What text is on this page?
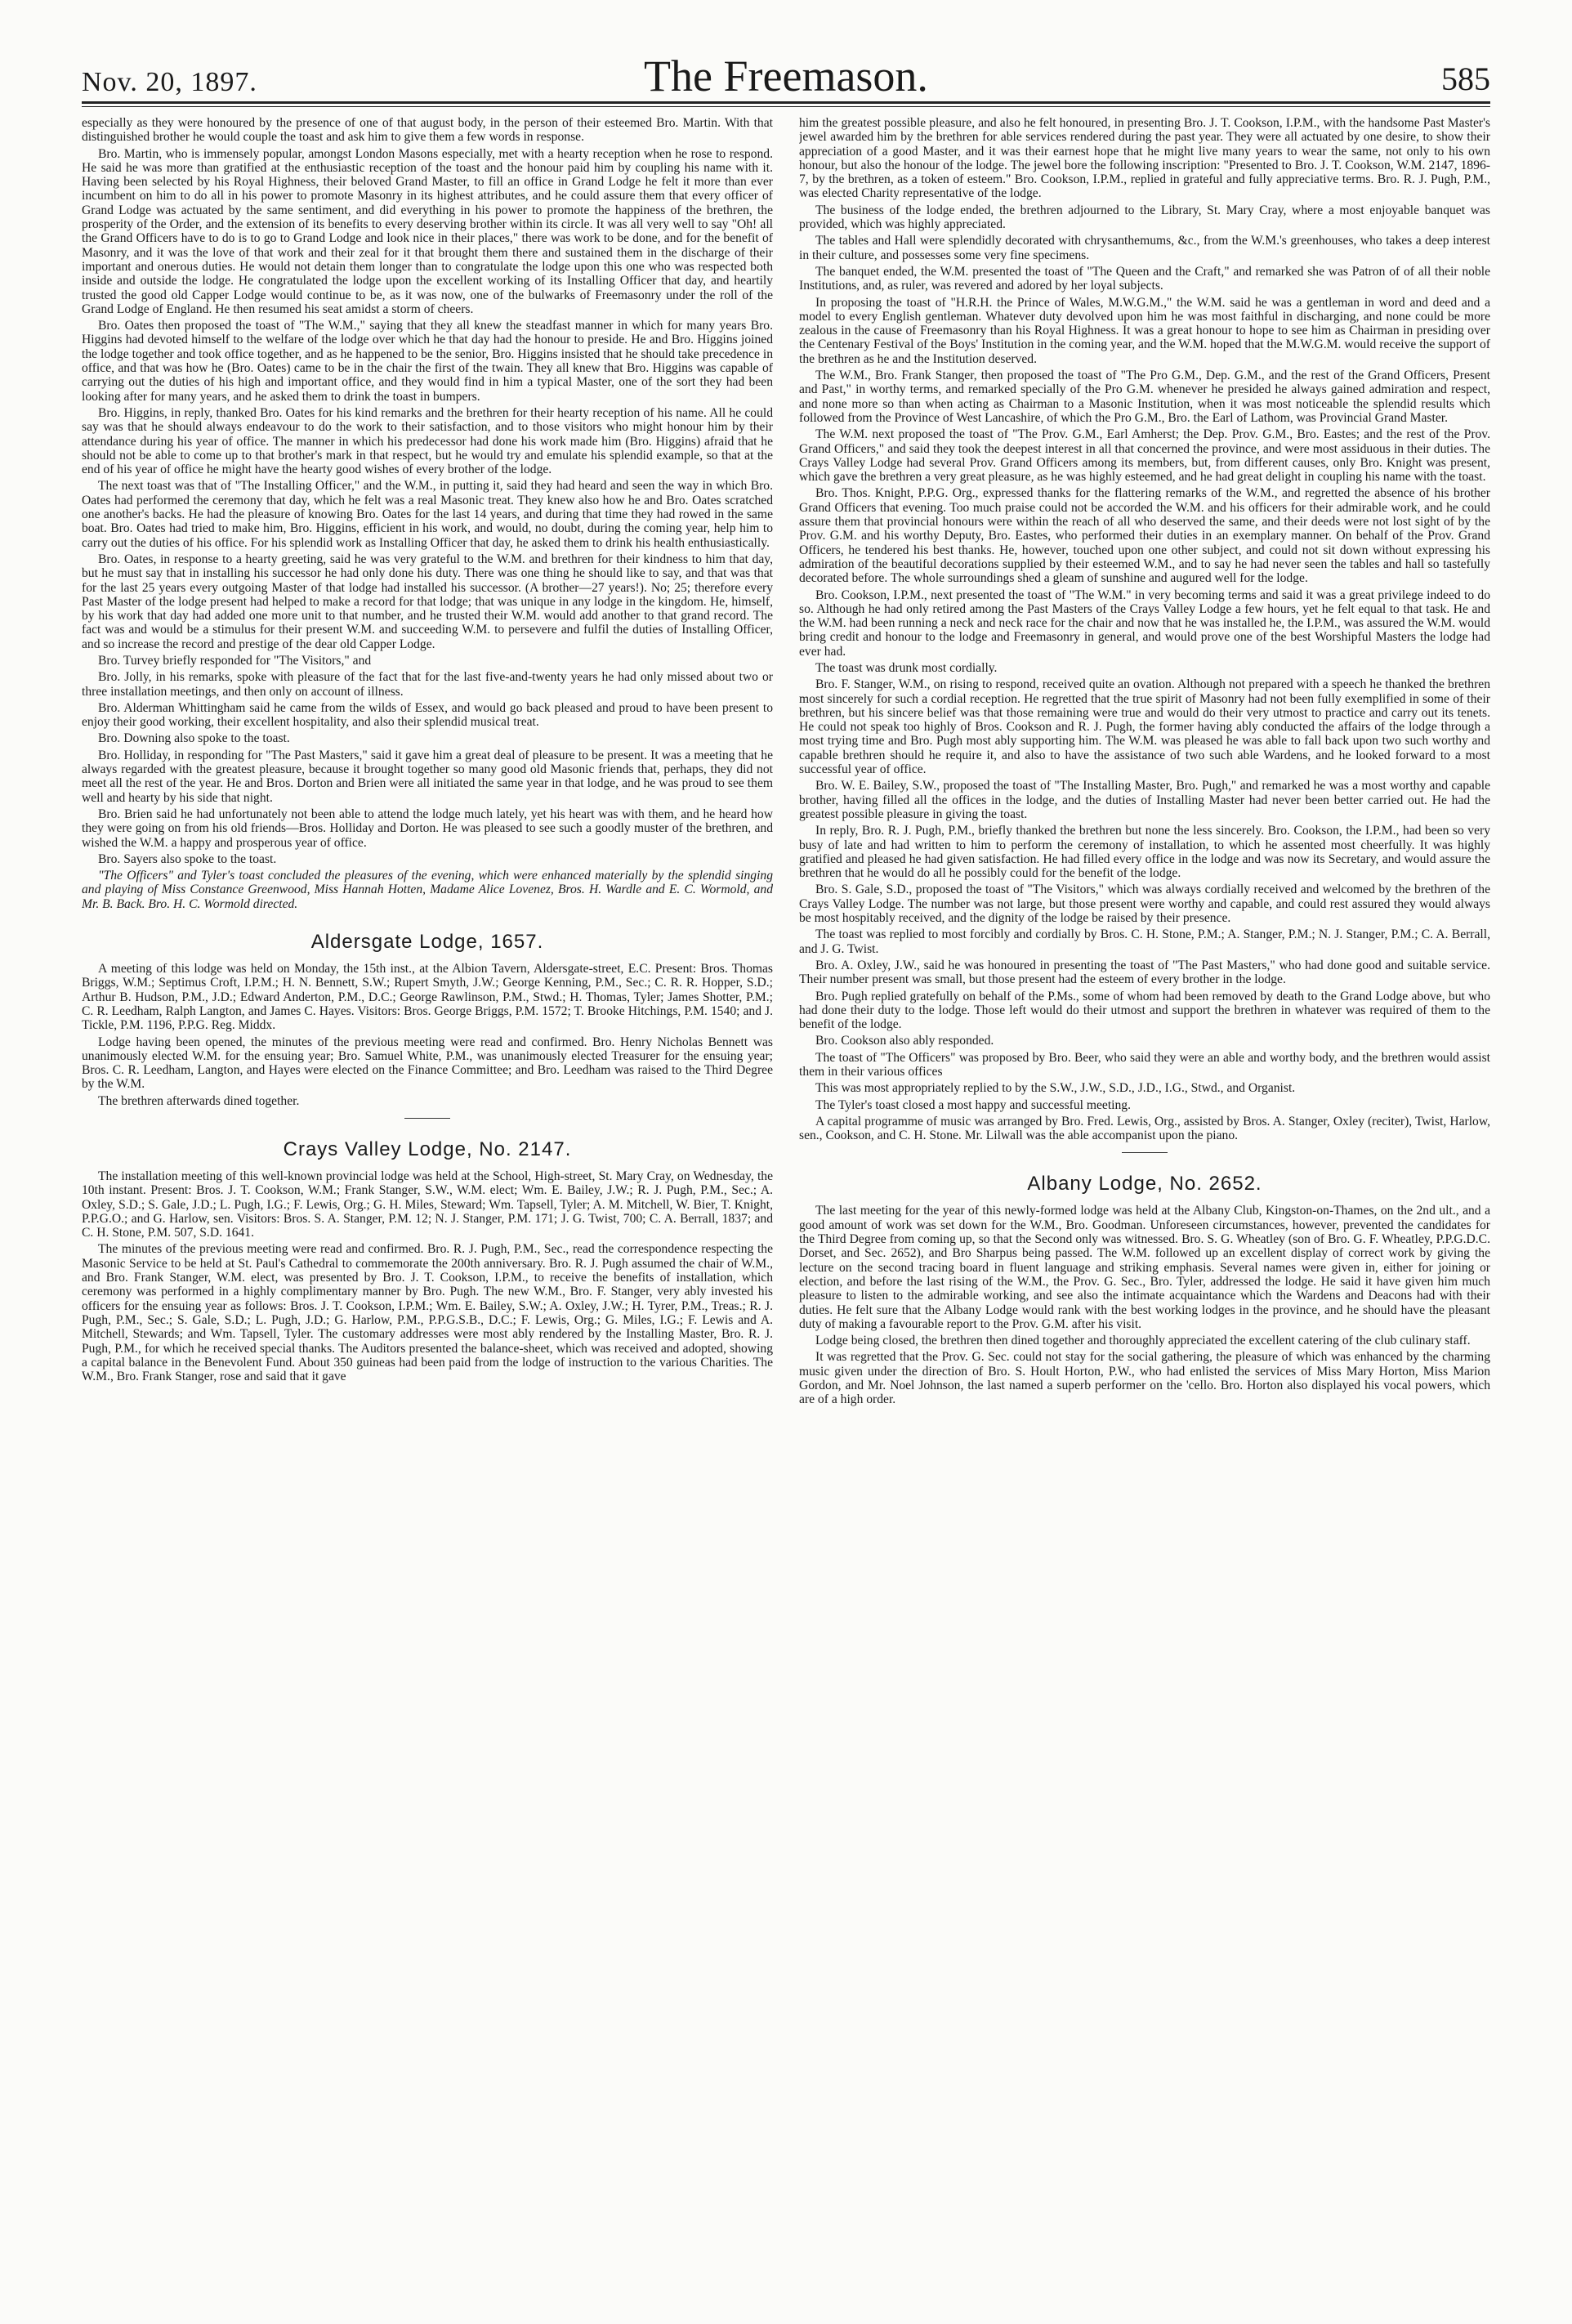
Nov. 20, 1897.	The Freemason.	585

especially as they were honoured by the presence of one of that august body, in the person of their esteemed Bro. Martin. With that distinguished brother he would couple the toast and ask him to give them a few words in response.

Bro. Martin, who is immensely popular, amongst London Masons especially, met with a hearty reception when he rose to respond. He said he was more than gratified at the enthusiastic reception of the toast and the honour paid him by coupling his name with it. Having been selected by his Royal Highness, their beloved Grand Master, to fill an office in Grand Lodge he felt it more than ever incumbent on him to do all in his power to promote Masonry in its highest attributes, and he could assure them that every officer of Grand Lodge was actuated by the same sentiment, and did everything in his power to promote the happiness of the brethren, the prosperity of the Order, and the extension of its benefits to every deserving brother within its circle. It was all very well to say "Oh! all the Grand Officers have to do is to go to Grand Lodge and look nice in their places," there was work to be done, and for the benefit of Masonry, and it was the love of that work and their zeal for it that brought them there and sustained them in the discharge of their important and onerous duties. He would not detain them longer than to congratulate the lodge upon this one who was respected both inside and outside the lodge. He congratulated the lodge upon the excellent working of its Installing Officer that day, and heartily trusted the good old Capper Lodge would continue to be, as it was now, one of the bulwarks of Freemasonry under the roll of the Grand Lodge of England. He then resumed his seat amidst a storm of cheers.

Bro. Oates then proposed the toast of "The W.M.," saying that they all knew the steadfast manner in which for many years Bro. Higgins had devoted himself to the welfare of the lodge over which he that day had the honour to preside. He and Bro. Higgins joined the lodge together and took office together, and as he happened to be the senior, Bro. Higgins insisted that he should take precedence in office, and that was how he (Bro. Oates) came to be in the chair the first of the twain. They all knew that Bro. Higgins was capable of carrying out the duties of his high and important office, and they would find in him a typical Master, one of the sort they had been looking after for many years, and he asked them to drink the toast in bumpers.

Bro. Higgins, in reply, thanked Bro. Oates for his kind remarks and the brethren for their hearty reception of his name. All he could say was that he should always endeavour to do the work to their satisfaction, and to those visitors who might honour him by their attendance during his year of office. The manner in which his predecessor had done his work made him (Bro. Higgins) afraid that he should not be able to come up to that brother's mark in that respect, but he would try and emulate his splendid example, so that at the end of his year of office he might have the hearty good wishes of every brother of the lodge.

The next toast was that of "The Installing Officer," and the W.M., in putting it, said they had heard and seen the way in which Bro. Oates had performed the ceremony that day, which he felt was a real Masonic treat. They knew also how he and Bro. Oates scratched one another's backs. He had the pleasure of knowing Bro. Oates for the last 14 years, and during that time they had rowed in the same boat. Bro. Oates had tried to make him, Bro. Higgins, efficient in his work, and would, no doubt, during the coming year, help him to carry out the duties of his office. For his splendid work as Installing Officer that day, he asked them to drink his health enthusiastically.

Bro. Oates, in response to a hearty greeting, said he was very grateful to the W.M. and brethren for their kindness to him that day, but he must say that in installing his successor he had only done his duty. There was one thing he should like to say, and that was that for the last 25 years every outgoing Master of that lodge had installed his successor. (A brother—27 years!). No; 25; therefore every Past Master of the lodge present had helped to make a record for that lodge; that was unique in any lodge in the kingdom. He, himself, by his work that day had added one more unit to that number, and he trusted their W.M. would add another to that grand record. The fact was and would be a stimulus for their present W.M. and succeeding W.M. to persevere and fulfil the duties of Installing Officer, and so increase the record and prestige of the dear old Capper Lodge.

Bro. Turvey briefly responded for "The Visitors," and

Bro. Jolly, in his remarks, spoke with pleasure of the fact that for the last five-and-twenty years he had only missed about two or three installation meetings, and then only on account of illness.

Bro. Alderman Whittingham said he came from the wilds of Essex, and would go back pleased and proud to have been present to enjoy their good working, their excellent hospitality, and also their splendid musical treat.

Bro. Downing also spoke to the toast.

Bro. Holliday, in responding for "The Past Masters," said it gave him a great deal of pleasure to be present. It was a meeting that he always regarded with the greatest pleasure, because it brought together so many good old Masonic friends that, perhaps, they did not meet all the rest of the year. He and Bros. Dorton and Brien were all initiated the same year in that lodge, and he was proud to see them well and hearty by his side that night.

Bro. Brien said he had unfortunately not been able to attend the lodge much lately, yet his heart was with them, and he heard how they were going on from his old friends—Bros. Holliday and Dorton. He was pleased to see such a goodly muster of the brethren, and wished the W.M. a happy and prosperous year of office.

Bro. Sayers also spoke to the toast.

"The Officers" and Tyler's toast concluded the pleasures of the evening, which were enhanced materially by the splendid singing and playing of Miss Constance Greenwood, Miss Hannah Hotten, Madame Alice Lovenez, Bros. H. Wardle and E. C. Wormold, and Mr. B. Back. Bro. H. C. Wormold directed.

Aldersgate Lodge, 1657.

A meeting of this lodge was held on Monday, the 15th inst., at the Albion Tavern, Aldersgate-street, E.C. Present: Bros. Thomas Briggs, W.M.; Septimus Croft, I.P.M.; H. N. Bennett, S.W.; Rupert Smyth, J.W.; George Kenning, P.M., Sec.; C. R. R. Hopper, S.D.; Arthur B. Hudson, P.M., J.D.; Edward Anderton, P.M., D.C.; George Rawlinson, P.M., Stwd.; H. Thomas, Tyler; James Shotter, P.M.; C. R. Leedham, Ralph Langton, and James C. Hayes. Visitors: Bros. George Briggs, P.M. 1572; T. Brooke Hitchings, P.M. 1540; and J. Tickle, P.M. 1196, P.P.G. Reg. Middx.

Lodge having been opened, the minutes of the previous meeting were read and confirmed. Bro. Henry Nicholas Bennett was unanimously elected W.M. for the ensuing year; Bro. Samuel White, P.M., was unanimously elected Treasurer for the ensuing year; Bros. C. R. Leedham, Langton, and Hayes were elected on the Finance Committee; and Bro. Leedham was raised to the Third Degree by the W.M.

The brethren afterwards dined together.

Crays Valley Lodge, No. 2147.

The installation meeting of this well-known provincial lodge was held at the School, High-street, St. Mary Cray, on Wednesday, the 10th instant. Present: Bros. J. T. Cookson, W.M.; Frank Stanger, S.W., W.M. elect; Wm. E. Bailey, J.W.; R. J. Pugh, P.M., Sec.; A. Oxley, S.D.; S. Gale, J.D.; L. Pugh, I.G.; F. Lewis, Org.; G. H. Miles, Steward; Wm. Tapsell, Tyler; A. M. Mitchell, W. Bier, T. Knight, P.P.G.O.; and G. Harlow, sen. Visitors: Bros. S. A. Stanger, P.M. 12; N. J. Stanger, P.M. 171; J. G. Twist, 700; C. A. Berrall, 1837; and C. H. Stone, P.M. 507, S.D. 1641.

The minutes of the previous meeting were read and confirmed. Bro. R. J. Pugh, P.M., Sec., read the correspondence respecting the Masonic Service to be held at St. Paul's Cathedral to commemorate the 200th anniversary. Bro. R. J. Pugh assumed the chair of W.M., and Bro. Frank Stanger, W.M. elect, was presented by Bro. J. T. Cookson, I.P.M., to receive the benefits of installation, which ceremony was performed in a highly complimentary manner by Bro. Pugh. The new W.M., Bro. F. Stanger, very ably invested his officers for the ensuing year as follows: Bros. J. T. Cookson, I.P.M.; Wm. E. Bailey, S.W.; A. Oxley, J.W.; H. Tyrer, P.M., Treas.; R. J. Pugh, P.M., Sec.; S. Gale, S.D.; L. Pugh, J.D.; G. Harlow, P.M., P.P.G.S.B., D.C.; F. Lewis, Org.; G. Miles, I.G.; F. Lewis and A. Mitchell, Stewards; and Wm. Tapsell, Tyler. The customary addresses were most ably rendered by the Installing Master, Bro. R. J. Pugh, P.M., for which he received special thanks. The Auditors presented the balance-sheet, which was received and adopted, showing a capital balance in the Benevolent Fund. About 350 guineas had been paid from the lodge of instruction to the various Charities. The W.M., Bro. Frank Stanger, rose and said that it gave

him the greatest possible pleasure, and also he felt honoured, in presenting Bro. J. T. Cookson, I.P.M., with the handsome Past Master's jewel awarded him by the brethren for able services rendered during the past year. They were all actuated by one desire, to show their appreciation of a good Master, and it was their earnest hope that he might live many years to wear the same, not only to his own honour, but also the honour of the lodge. The jewel bore the following inscription: "Presented to Bro. J. T. Cookson, W.M. 2147, 1896-7, by the brethren, as a token of esteem." Bro. Cookson, I.P.M., replied in grateful and fully appreciative terms. Bro. R. J. Pugh, P.M., was elected Charity representative of the lodge.

The business of the lodge ended, the brethren adjourned to the Library, St. Mary Cray, where a most enjoyable banquet was provided, which was highly appreciated.

The tables and Hall were splendidly decorated with chrysanthemums, &c., from the W.M.'s greenhouses, who takes a deep interest in their culture, and possesses some very fine specimens.

The banquet ended, the W.M. presented the toast of "The Queen and the Craft," and remarked she was Patron of of all their noble Institutions, and, as ruler, was revered and adored by her loyal subjects.

In proposing the toast of "H.R.H. the Prince of Wales, M.W.G.M.," the W.M. said he was a gentleman in word and deed and a model to every English gentleman. Whatever duty devolved upon him he was most faithful in discharging, and none could be more zealous in the cause of Freemasonry than his Royal Highness. It was a great honour to hope to see him as Chairman in presiding over the Centenary Festival of the Boys' Institution in the coming year, and the W.M. hoped that the M.W.G.M. would receive the support of the brethren as he and the Institution deserved.

The W.M., Bro. Frank Stanger, then proposed the toast of "The Pro G.M., Dep. G.M., and the rest of the Grand Officers, Present and Past," in worthy terms, and remarked specially of the Pro G.M. whenever he presided he always gained admiration and respect, and none more so than when acting as Chairman to a Masonic Institution, when it was most noticeable the splendid results which followed from the Province of West Lancashire, of which the Pro G.M., Bro. the Earl of Lathom, was Provincial Grand Master.

The W.M. next proposed the toast of "The Prov. G.M., Earl Amherst; the Dep. Prov. G.M., Bro. Eastes; and the rest of the Prov. Grand Officers," and said they took the deepest interest in all that concerned the province, and were most assiduous in their duties. The Crays Valley Lodge had several Prov. Grand Officers among its members, but, from different causes, only Bro. Knight was present, which gave the brethren a very great pleasure, as he was highly esteemed, and he had great delight in coupling his name with the toast.

Bro. Thos. Knight, P.P.G. Org., expressed thanks for the flattering remarks of the W.M., and regretted the absence of his brother Grand Officers that evening. Too much praise could not be accorded the W.M. and his officers for their admirable work, and he could assure them that provincial honours were within the reach of all who deserved the same, and their deeds were not lost sight of by the Prov. G.M. and his worthy Deputy, Bro. Eastes, who performed their duties in an exemplary manner. On behalf of the Prov. Grand Officers, he tendered his best thanks. He, however, touched upon one other subject, and could not sit down without expressing his admiration of the beautiful decorations supplied by their esteemed W.M., and to say he had never seen the tables and hall so tastefully decorated before. The whole surroundings shed a gleam of sunshine and augured well for the lodge.

Bro. Cookson, I.P.M., next presented the toast of "The W.M." in very becoming terms and said it was a great privilege indeed to do so. Although he had only retired among the Past Masters of the Crays Valley Lodge a few hours, yet he felt equal to that task. He and the W.M. had been running a neck and neck race for the chair and now that he was installed he, the I.P.M., was assured the W.M. would bring credit and honour to the lodge and Freemasonry in general, and would prove one of the best Worshipful Masters the lodge had ever had.

The toast was drunk most cordially.

Bro. F. Stanger, W.M., on rising to respond, received quite an ovation. Although not prepared with a speech he thanked the brethren most sincerely for such a cordial reception. He regretted that the true spirit of Masonry had not been fully exemplified in some of their brethren, but his sincere belief was that those remaining were true and would do their very utmost to practice and carry out its tenets. He could not speak too highly of Bros. Cookson and R. J. Pugh, the former having ably conducted the affairs of the lodge through a most trying time and Bro. Pugh most ably supporting him. The W.M. was pleased he was able to fall back upon two such worthy and capable brethren should he require it, and also to have the assistance of two such able Wardens, and he looked forward to a most successful year of office.

Bro. W. E. Bailey, S.W., proposed the toast of "The Installing Master, Bro. Pugh," and remarked he was a most worthy and capable brother, having filled all the offices in the lodge, and the duties of Installing Master had never been better carried out. He had the greatest possible pleasure in giving the toast.

In reply, Bro. R. J. Pugh, P.M., briefly thanked the brethren but none the less sincerely. Bro. Cookson, the I.P.M., had been so very busy of late and had written to him to perform the ceremony of installation, to which he assented most cheerfully. It was highly gratified and pleased he had given satisfaction. He had filled every office in the lodge and was now its Secretary, and would assure the brethren that he would do all he possibly could for the benefit of the lodge.

Bro. S. Gale, S.D., proposed the toast of "The Visitors," which was always cordially received and welcomed by the brethren of the Crays Valley Lodge. The number was not large, but those present were worthy and capable, and could rest assured they would always be most hospitably received, and the dignity of the lodge be raised by their presence.

The toast was replied to most forcibly and cordially by Bros. C. H. Stone, P.M.; A. Stanger, P.M.; N. J. Stanger, P.M.; C. A. Berrall, and J. G. Twist.

Bro. A. Oxley, J.W., said he was honoured in presenting the toast of "The Past Masters," who had done good and suitable service. Their number present was small, but those present had the esteem of every brother in the lodge.

Bro. Pugh replied gratefully on behalf of the P.Ms., some of whom had been removed by death to the Grand Lodge above, but who had done their duty to the lodge. Those left would do their utmost and support the brethren in whatever was required of them to the benefit of the lodge.

Bro. Cookson also ably responded.

The toast of "The Officers" was proposed by Bro. Beer, who said they were an able and worthy body, and the brethren would assist them in their various offices

This was most appropriately replied to by the S.W., J.W., S.D., J.D., I.G., Stwd., and Organist.

The Tyler's toast closed a most happy and successful meeting.

A capital programme of music was arranged by Bro. Fred. Lewis, Org., assisted by Bros. A. Stanger, Oxley (reciter), Twist, Harlow, sen., Cookson, and C. H. Stone. Mr. Lilwall was the able accompanist upon the piano.

Albany Lodge, No. 2652.

The last meeting for the year of this newly-formed lodge was held at the Albany Club, Kingston-on-Thames, on the 2nd ult., and a good amount of work was set down for the W.M., Bro. Goodman. Unforeseen circumstances, however, prevented the candidates for the Third Degree from coming up, so that the Second only was witnessed. Bro. S. G. Wheatley (son of Bro. G. F. Wheatley, P.P.G.D.C. Dorset, and Sec. 2652), and Bro Sharpus being passed. The W.M. followed up an excellent display of correct work by giving the lecture on the second tracing board in fluent language and striking emphasis. Several names were given in, either for joining or election, and before the last rising of the W.M., the Prov. G. Sec., Bro. Tyler, addressed the lodge. He said it have given him much pleasure to listen to the admirable working, and see also the intimate acquaintance which the Wardens and Deacons had with their duties. He felt sure that the Albany Lodge would rank with the best working lodges in the province, and he should have the pleasant duty of making a favourable report to the Prov. G.M. after his visit.

Lodge being closed, the brethren then dined together and thoroughly appreciated the excellent catering of the club culinary staff.

It was regretted that the Prov. G. Sec. could not stay for the social gathering, the pleasure of which was enhanced by the charming music given under the direction of Bro. S. Hoult Horton, P.W., who had enlisted the services of Miss Mary Horton, Miss Marion Gordon, and Mr. Noel Johnson, the last named a superb performer on the 'cello. Bro. Horton also displayed his vocal powers, which are of a high order.
